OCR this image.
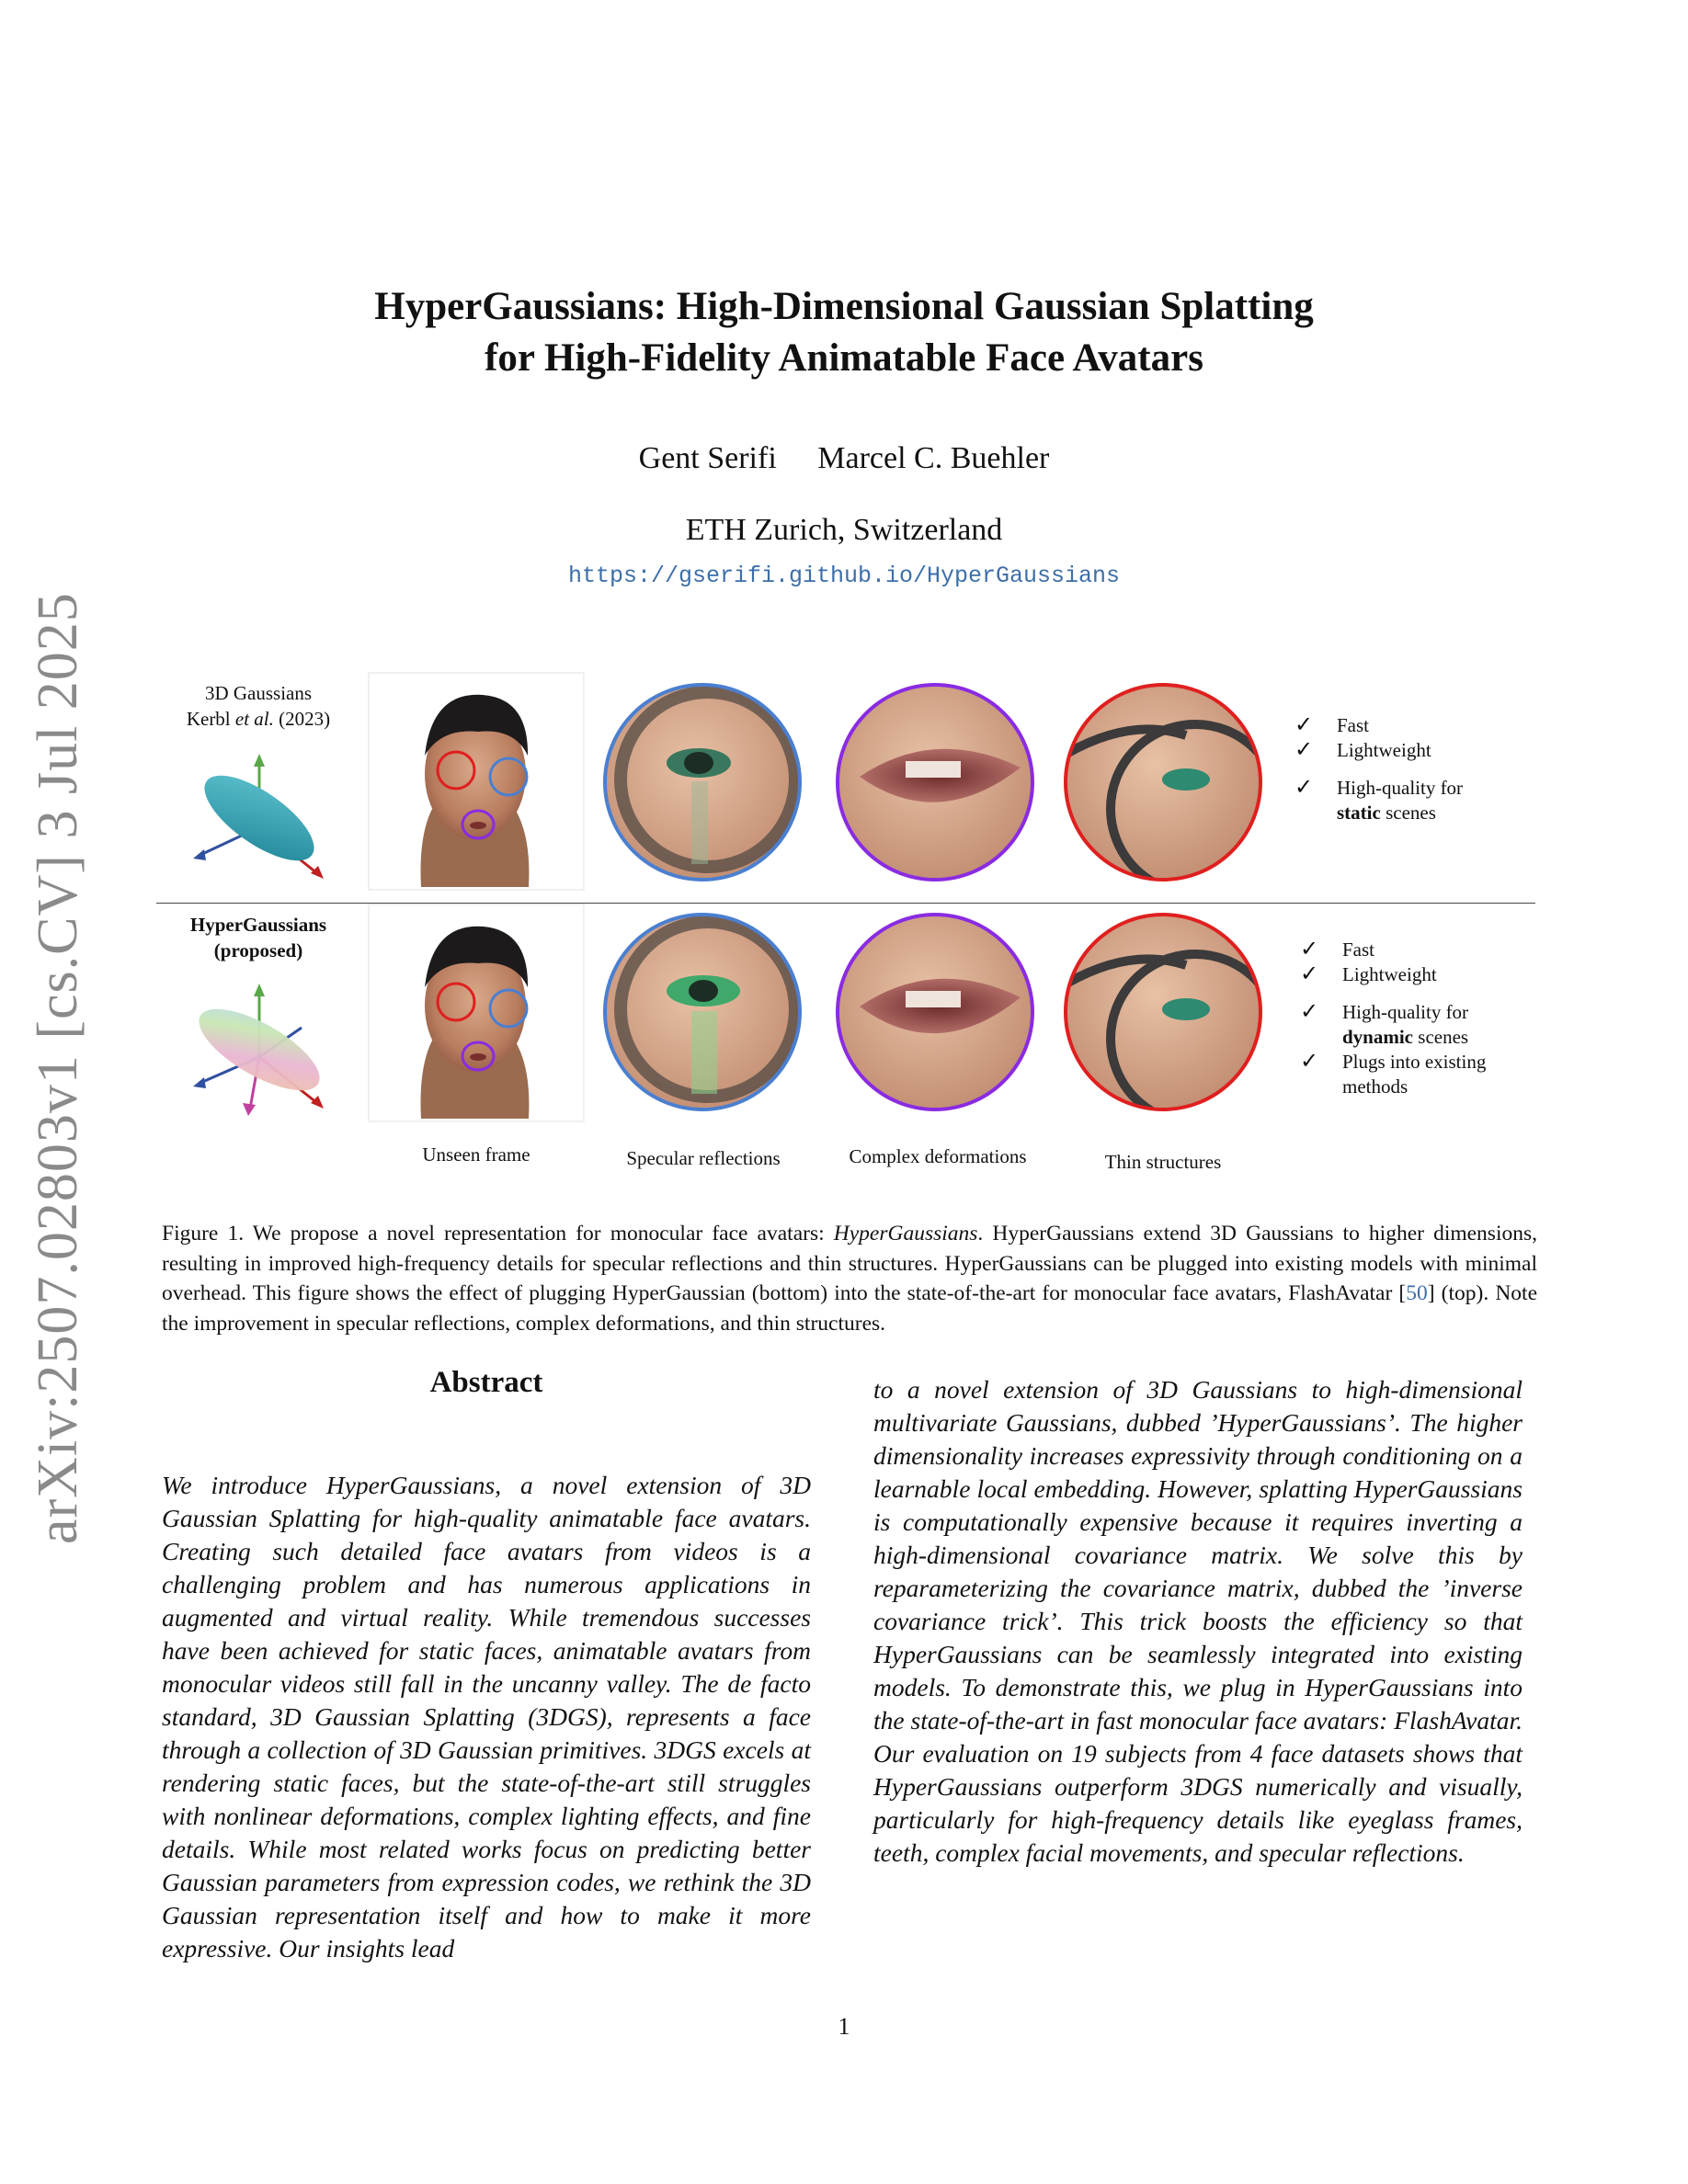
arXiv:2507.02803v1 [cs.CV] 3 Jul 2025
HyperGaussians: High-Dimensional Gaussian Splatting
for High-Fidelity Animatable Face Avatars
Gent Serifi Marcel C. Buehler
ETH Zurich, Switzerland
https://gserifi.github.io/HyperGaussians
3D Gaussians
Kerbl et al. (2023)
HyperGaussians
(proposed)
Unseen frame	Specular reflections	Complex deformations	Thin structures
✓	Fast
✓	Lightweight
✓	High-quality for
static scenes
✓	Fast
✓	Lightweight
✓	High-quality for
dynamic scenes
✓	Plugs into existing
methods
Figure 1. We propose a novel representation for monocular face avatars: HyperGaussians. HyperGaussians extend 3D Gaussians to higher dimensions, resulting in improved high-frequency details for specular reflections and thin structures. HyperGaussians can be plugged into existing models with minimal overhead. This figure shows the effect of plugging HyperGaussian (bottom) into the state-of-the-art for monocular face avatars, FlashAvatar [50] (top). Note the improvement in specular reflections, complex deformations, and thin structures.
Abstract
We introduce HyperGaussians, a novel extension of 3D Gaussian Splatting for high-quality animatable face avatars. Creating such detailed face avatars from videos is a challenging problem and has numerous applications in augmented and virtual reality. While tremendous successes have been achieved for static faces, animatable avatars from monocular videos still fall in the uncanny valley. The de facto standard, 3D Gaussian Splatting (3DGS), represents a face through a collection of 3D Gaussian primitives. 3DGS excels at rendering static faces, but the state-of-the-art still struggles with nonlinear deformations, complex lighting effects, and fine details. While most related works focus on predicting better Gaussian parameters from expression codes, we rethink the 3D Gaussian representation itself and how to make it more expressive. Our insights lead
to a novel extension of 3D Gaussians to high-dimensional multivariate Gaussians, dubbed ’HyperGaussians’. The higher dimensionality increases expressivity through conditioning on a learnable local embedding. However, splatting HyperGaussians is computationally expensive because it requires inverting a high-dimensional covariance matrix. We solve this by reparameterizing the covariance matrix, dubbed the ’inverse covariance trick’. This trick boosts the efficiency so that HyperGaussians can be seamlessly integrated into existing models. To demonstrate this, we plug in HyperGaussians into the state-of-the-art in fast monocular face avatars: FlashAvatar. Our evaluation on 19 subjects from 4 face datasets shows that HyperGaussians outperform 3DGS numerically and visually, particularly for high-frequency details like eyeglass frames, teeth, complex facial movements, and specular reflections.
1
